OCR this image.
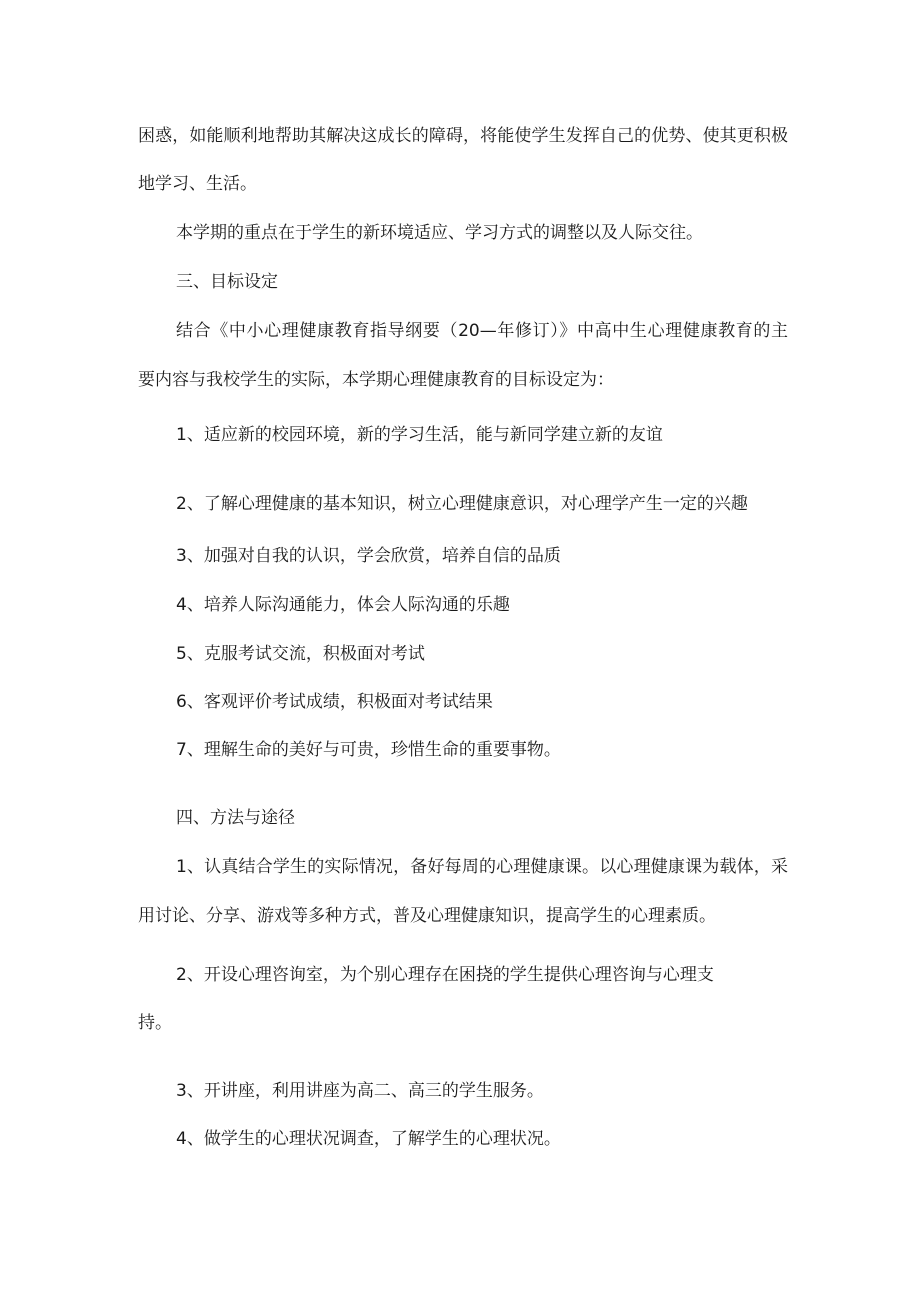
困惑，如能顺利地帮助其解决这成长的障碍，将能使学生发挥自己的优势、使其更积极

地学习、生活。

本学期的重点在于学生的新环境适应、学习方式的调整以及人际交往。

三、目标设定

结合《中小心理健康教育指导纲要（20—年修订）》中高中生心理健康教育的主

要内容与我校学生的实际，本学期心理健康教育的目标设定为：

1、适应新的校园环境，新的学习生活，能与新同学建立新的友谊

2、了解心理健康的基本知识，树立心理健康意识，对心理学产生一定的兴趣

3、加强对自我的认识，学会欣赏，培养自信的品质

4、培养人际沟通能力，体会人际沟通的乐趣

5、克服考试交流，积极面对考试

6、客观评价考试成绩，积极面对考试结果

7、理解生命的美好与可贵，珍惜生命的重要事物。

四、方法与途径

1、认真结合学生的实际情况，备好每周的心理健康课。以心理健康课为载体，采

用讨论、分享、游戏等多种方式，普及心理健康知识，提高学生的心理素质。

2、开设心理咨询室，为个别心理存在困挠的学生提供心理咨询与心理支

持。

3、开讲座，利用讲座为高二、高三的学生服务。

4、做学生的心理状况调查，了解学生的心理状况。
